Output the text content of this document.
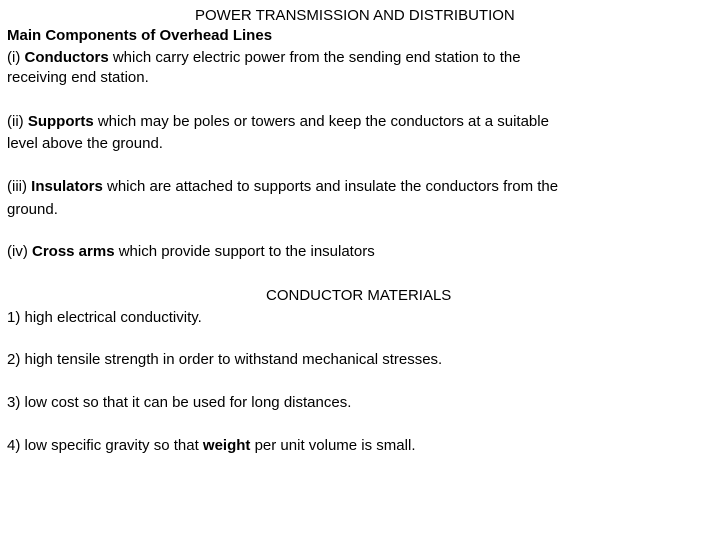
POWER TRANSMISSION AND DISTRIBUTION
Main Components of Overhead Lines
(i) Conductors which carry electric power from the sending end station to the
receiving end station.
(ii) Supports which may be poles or towers and keep the conductors at a suitable
level above the ground.
(iii) Insulators which are attached to supports and insulate the conductors from the
ground.
(iv) Cross arms which provide support to the insulators
CONDUCTOR MATERIALS
1) high electrical conductivity.
2) high tensile strength in order to withstand mechanical stresses.
3) low cost so that it can be used for long distances.
4) low specific gravity so that weight per unit volume is small.
